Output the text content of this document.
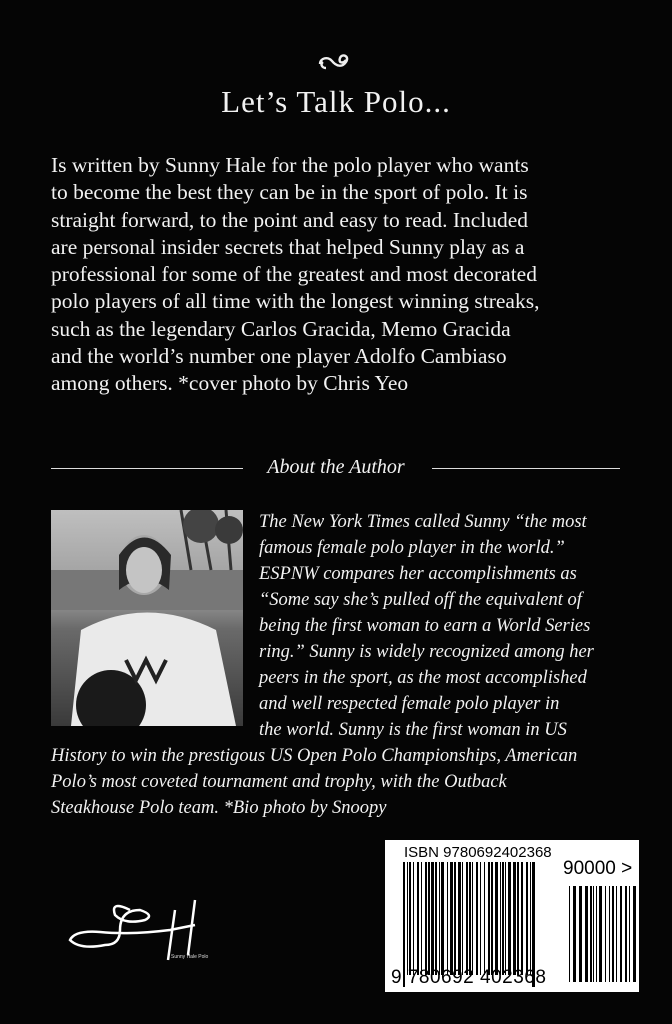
Let’s Talk Polo...
Is written by Sunny Hale for the polo player who wants
to become the best they can be in the sport of polo. It is
straight forward, to the point and easy to read. Included
are personal insider secrets that helped Sunny play as a
professional for some of the greatest and most decorated
polo players of all time with the longest winning streaks,
such as the legendary Carlos Gracida, Memo Gracida
and the world’s number one player Adolfo Cambiaso
among others. *cover photo by Chris Yeo
About the Author
The New York Times called Sunny “the most
famous female polo player in the world.”
ESPNW compares her accomplishments as
“Some say she’s pulled off the equivalent of
being the first woman to earn a World Series
ring.” Sunny is widely recognized among her
peers in the sport, as the most accomplished
and well respected female polo player in
the world. Sunny is the first woman in US
History to win the prestigous US Open Polo Championships, American
Polo’s most coveted tournament and trophy, with the Outback
Steakhouse Polo team. *Bio photo by Snoopy
Sunny Hale Polo
ISBN 9780692402368
90000 >
9 780692 402368
